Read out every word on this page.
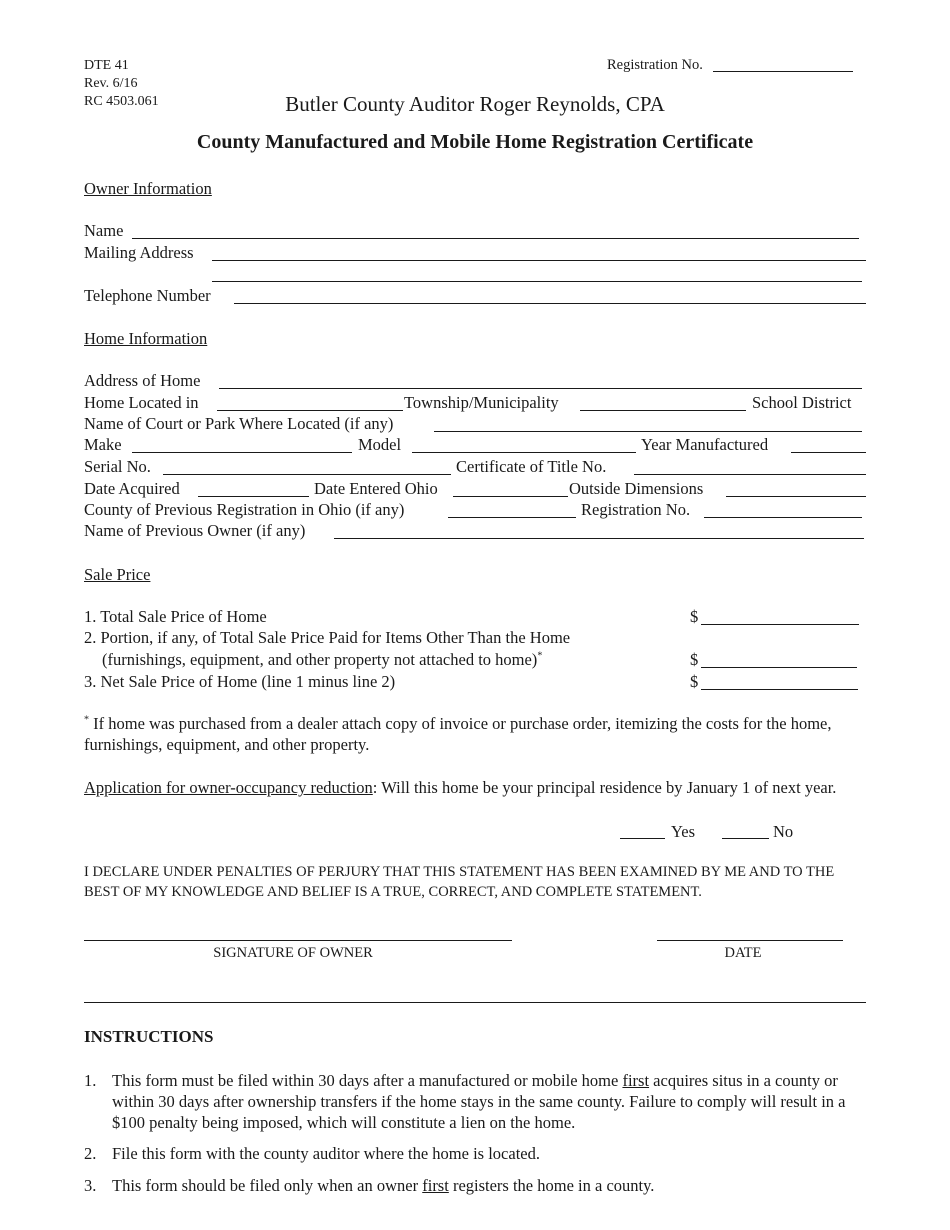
DTE 41
Rev. 6/16
RC 4503.061
Registration No.
Butler County Auditor Roger Reynolds, CPA
County Manufactured and Mobile Home Registration Certificate
Owner Information
Name
Mailing Address
Telephone Number
Home Information
Address of Home
Home Located in	Township/Municipality	School District
Name of Court or Park Where Located (if any)
Make	Model	Year Manufactured
Serial No.	Certificate of Title No.
Date Acquired	Date Entered Ohio	Outside Dimensions
County of Previous Registration in Ohio (if any)	Registration No.
Name of Previous Owner (if any)
Sale Price
1. Total Sale Price of Home	$
2. Portion, if any, of Total Sale Price Paid for Items Other Than the Home
(furnishings, equipment, and other property not attached to home)*	$
3. Net Sale Price of Home (line 1 minus line 2)	$
* If home was purchased from a dealer attach copy of invoice or purchase order, itemizing the costs for the home, furnishings, equipment, and other property.
Application for owner-occupancy reduction: Will this home be your principal residence by January 1 of next year.
Yes	No
I DECLARE UNDER PENALTIES OF PERJURY THAT THIS STATEMENT HAS BEEN EXAMINED BY ME AND TO THE BEST OF MY KNOWLEDGE AND BELIEF IS A TRUE, CORRECT, AND COMPLETE STATEMENT.
SIGNATURE OF OWNER	DATE
INSTRUCTIONS
1. This form must be filed within 30 days after a manufactured or mobile home first acquires situs in a county or within 30 days after ownership transfers if the home stays in the same county. Failure to comply will result in a $100 penalty being imposed, which will constitute a lien on the home.
2. File this form with the county auditor where the home is located.
3. This form should be filed only when an owner first registers the home in a county.
